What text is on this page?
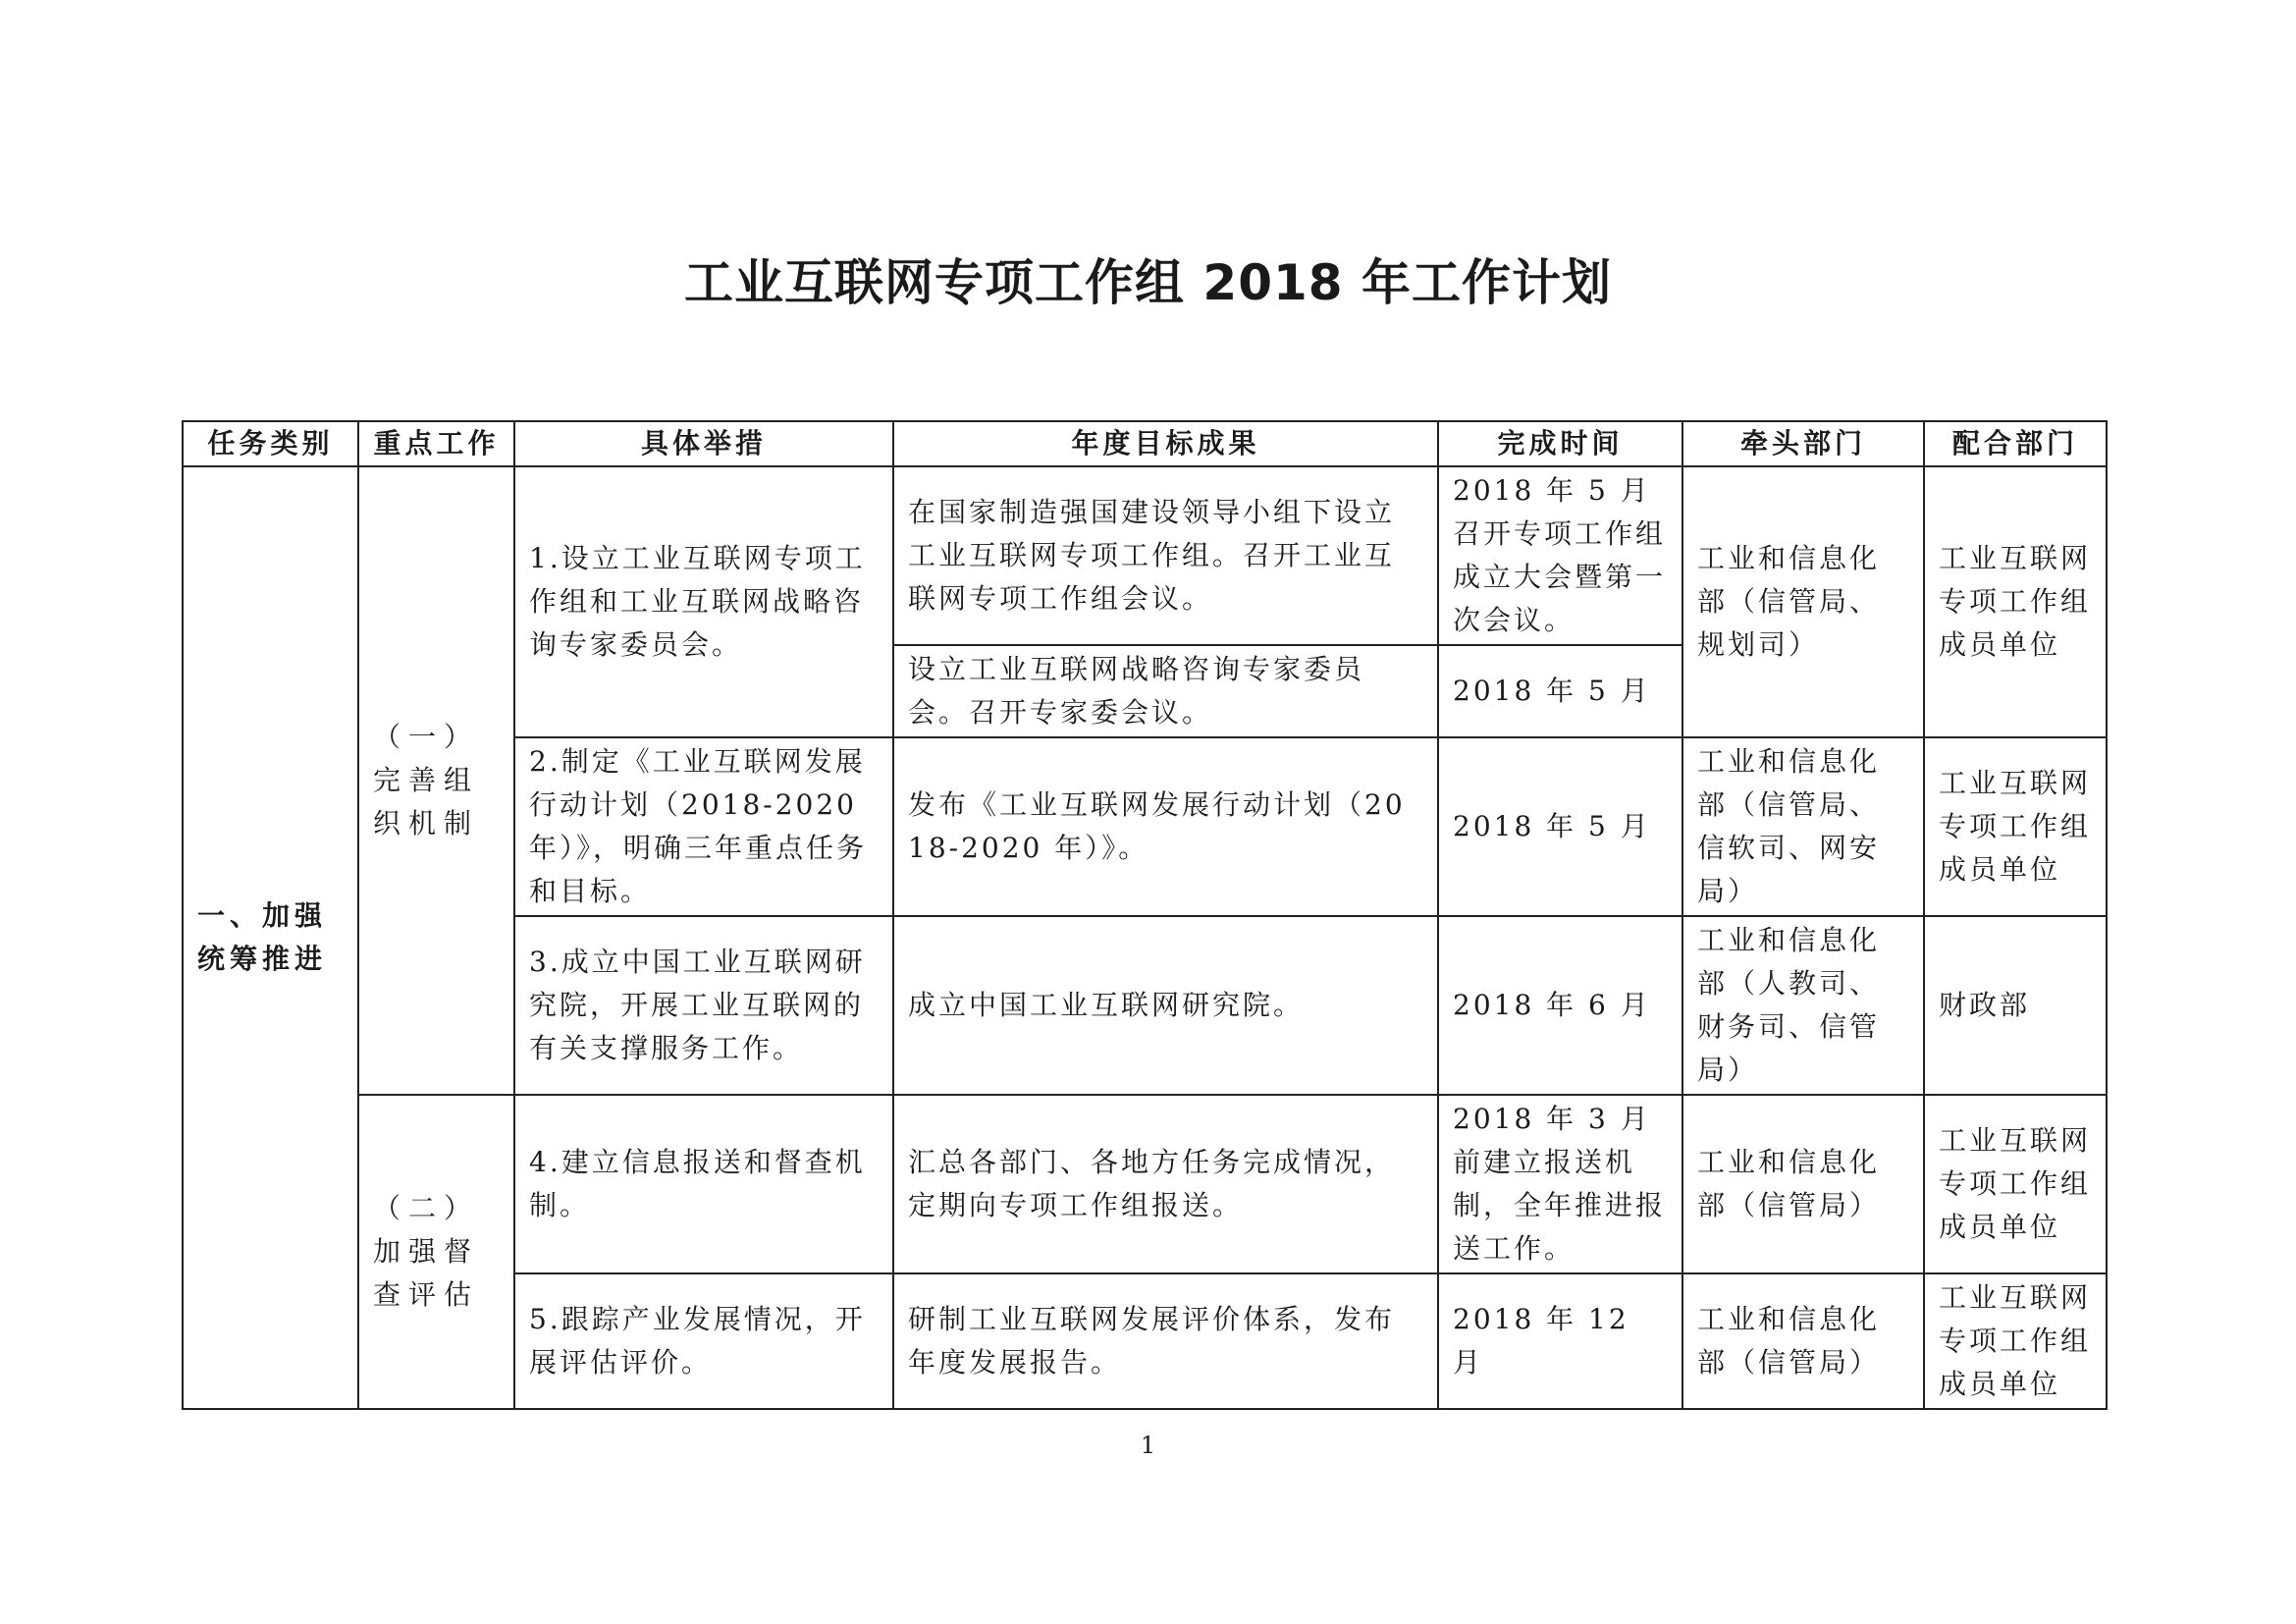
工业互联网专项工作组 2018 年工作计划
任务类别	重点工作	具体举措	年度目标成果	完成时间	牵头部门	配合部门
一、加强统筹推进	（一）完善组织机制	1.设立工业互联网专项工作组和工业互联网战略咨询专家委员会。	在国家制造强国建设领导小组下设立工业互联网专项工作组。召开工业互联网专项工作组会议。	2018 年 5 月召开专项工作组成立大会暨第一次会议。	工业和信息化部（信管局、规划司）	工业互联网专项工作组成员单位
			设立工业互联网战略咨询专家委员会。召开专家委会议。	2018 年 5 月		
		2.制定《工业互联网发展行动计划（2018-2020 年）》，明确三年重点任务和目标。	发布《工业互联网发展行动计划（2018-2020 年）》。	2018 年 5 月	工业和信息化部（信管局、信软司、网安局）	工业互联网专项工作组成员单位
		3.成立中国工业互联网研究院，开展工业互联网的有关支撑服务工作。	成立中国工业互联网研究院。	2018 年 6 月	工业和信息化部（人教司、财务司、信管局）	财政部
	（二）加强督查评估	4.建立信息报送和督查机制。	汇总各部门、各地方任务完成情况，定期向专项工作组报送。	2018 年 3 月前建立报送机制，全年推进报送工作。	工业和信息化部（信管局）	工业互联网专项工作组成员单位
		5.跟踪产业发展情况，开展评估评价。	研制工业互联网发展评价体系，发布年度发展报告。	2018 年 12 月	工业和信息化部（信管局）	工业互联网专项工作组成员单位
1
